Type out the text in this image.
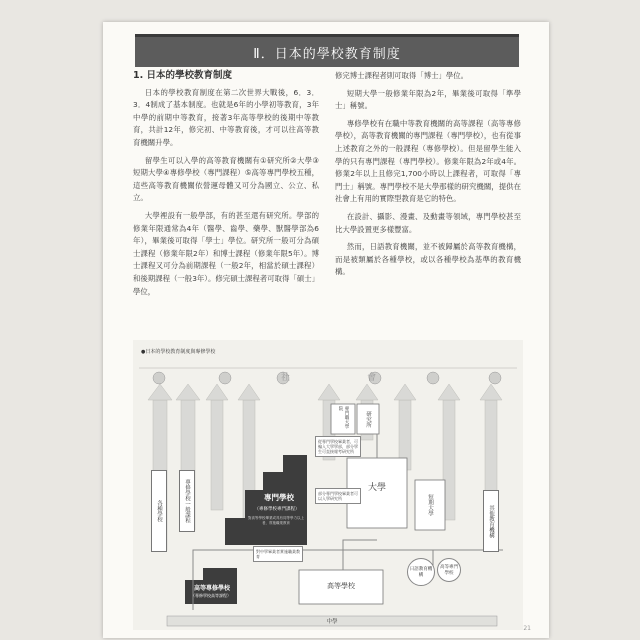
Ⅱ．日本的學校教育制度
1. 日本的學校教育制度

日本的學校教育制度在第二次世界大戰後，6．3．3．4制成了基本制度。也就是6年的小學初等教育，3年中學的前期中等教育，接著3年高等學校的後期中等教育，共計12年，修完初、中等教育後，才可以往高等教育機關升學。

留學生可以入學的高等教育機關有①研究所②大學③短期大學④專修學校（專門課程）⑤高等專門學校五種，這些高等教育機關依營運母體又可分為國立、公立、私立。

大學裡設有一般學部，有的甚至還有研究所。學部的修業年限通常為4年（醫學、齒學、藥學、獸醫學部為6年），畢業後可取得「學士」學位。研究所一般可分為碩士課程（修業年限2年）和博士課程（修業年限5年）。博士課程又可分為前期課程（一般2年，相當於碩士課程）和後期課程（一般3年）。修完碩士課程者可取得「碩士」學位，

修完博士課程者則可取得「博士」學位。

短期大學一般修業年限為2年，畢業後可取得「準學士」稱號。

專修學校有在職中等教育機關的高等課程（高等專修學校），高等教育機關的專門課程（專門學校），也有從事上述教育之外的一般課程（專修學校）。但是留學生能入學的只有專門課程（專門學校）。修業年限為2年或4年。修業2年以上且修完1,700小時以上課程者，可取得「專門士」稱號。專門學校不是大學那樣的研究機關，提供在社會上有用的實際型教育是它的特色。

在設計、攝影、漫畫、及動畫等領域，專門學校甚至比大學設置更多樣豐富。

然而，日語教育機關，並不被歸屬於高等教育機構，而是被類屬於各種學校，或以各種學校為基準的教育機構。

●日本的學校教育制度與專修學校
社	會
專門學校
（專修學校專門課程）
對高等學校畢業或具有同等學力以上者，實施職業教育
高等專修學校
（專修學校高等課程）
大學
短期大學
高等學校
中學
研究所
專門職大學院
各種學校	專修學校一般課程	其他教育機構
日語教育機構
高等專門學校
從專門學校畢業者，可編入大學學部，部分學生可直接報考研究所
部分專門學校畢業者可以入學研究所
對中學畢業者實施職業教育
21
